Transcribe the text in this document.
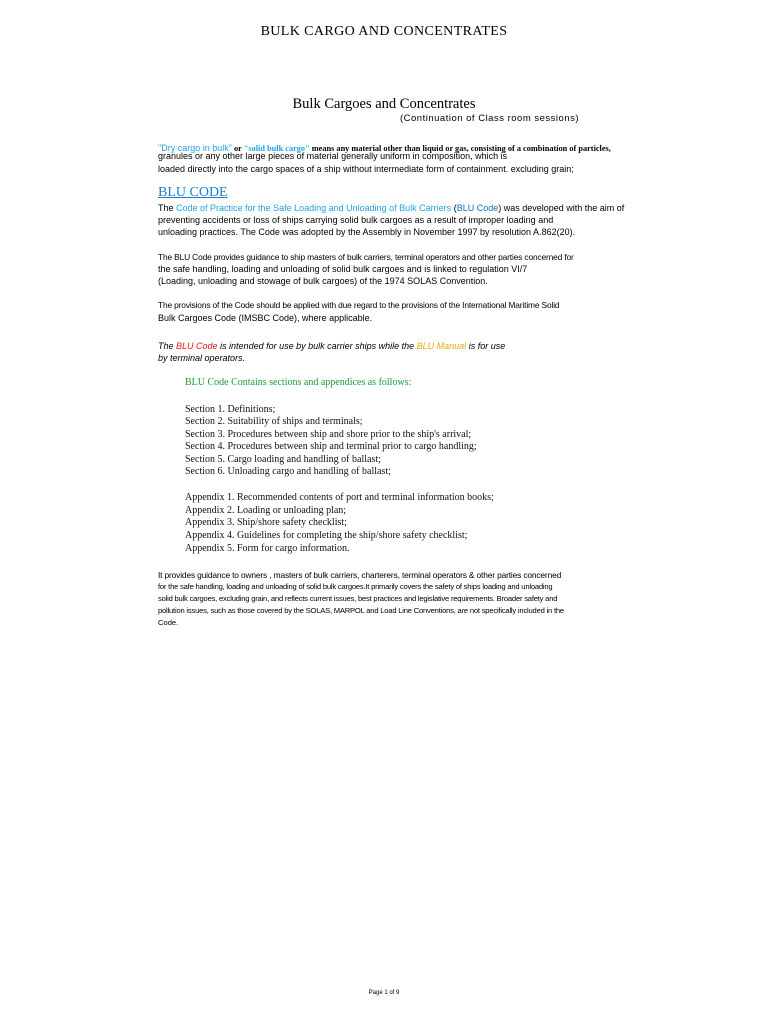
BULK CARGO AND CONCENTRATES
Bulk Cargoes and Concentrates
(Continuation of Class room sessions)
"Dry cargo in bulk" or "solid bulk cargo" means any material other than liquid or gas, consisting of a combination of particles,
granules or any other large pieces of material generally uniform in composition, which is
loaded directly into the cargo spaces of a ship without intermediate form of containment. excluding grain;
BLU CODE
The Code of Practice for the Safe Loading and Unloading of Bulk Carriers (BLU Code) was developed with the aim of
preventing accidents or loss of ships carrying solid bulk cargoes as a result of improper loading and
unloading practices. The Code was adopted by the Assembly in November 1997 by resolution A.862(20).
The BLU Code provides guidance to ship masters of bulk carriers, terminal operators and other parties concerned for
the safe handling, loading and unloading of solid bulk cargoes and is linked to regulation VI/7
(Loading, unloading and stowage of bulk cargoes) of the 1974 SOLAS Convention.
The provisions of the Code should be applied with due regard to the provisions of the International Maritime Solid
Bulk Cargoes Code (IMSBC Code), where applicable.
The BLU Code is intended for use by bulk carrier ships while the BLU Manual is for use
by terminal operators.
BLU Code Contains sections and appendices as follows:
Section 1. Definitions;
Section 2. Suitability of ships and terminals;
Section 3. Procedures between ship and shore prior to the ship's arrival;
Section 4. Procedures between ship and terminal prior to cargo handling;
Section 5. Cargo loading and handling of ballast;
Section 6. Unloading cargo and handling of ballast;
Appendix 1. Recommended contents of port and terminal information books;
Appendix 2. Loading or unloading plan;
Appendix 3. Ship/shore safety checklist;
Appendix 4. Guidelines for completing the ship/shore safety checklist;
Appendix 5. Form for cargo information.
It provides guidance to owners , masters of bulk carriers, charterers, terminal operators & other parties concerned
for the safe handling, loading and unloading of solid bulk cargoes.It primarily covers the safety of ships loading and unloading
solid bulk cargoes, excluding grain, and reflects current issues, best practices and legislative requirements. Broader safety and
pollution issues, such as those covered by the SOLAS, MARPOL and Load Line Conventions, are not specifically included in the
Code.
Page 1 of 9
